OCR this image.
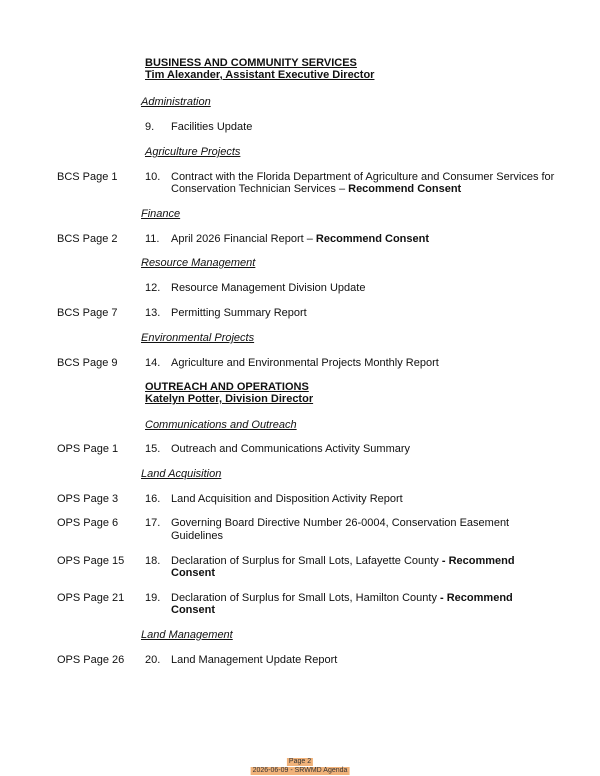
BUSINESS AND COMMUNITY SERVICES
Tim Alexander, Assistant Executive Director
Administration
9. Facilities Update
Agriculture Projects
BCS Page 1 10. Contract with the Florida Department of Agriculture and Consumer Services for
Conservation Technician Services – Recommend Consent
Finance
BCS Page 2 11. April 2026 Financial Report – Recommend Consent
Resource Management
12. Resource Management Division Update
BCS Page 7 13. Permitting Summary Report
Environmental Projects
BCS Page 9 14. Agriculture and Environmental Projects Monthly Report
OUTREACH AND OPERATIONS
Katelyn Potter, Division Director
Communications and Outreach
OPS Page 1 15. Outreach and Communications Activity Summary
Land Acquisition
OPS Page 3 16. Land Acquisition and Disposition Activity Report
OPS Page 6 17. Governing Board Directive Number 26-0004, Conservation Easement
Guidelines
OPS Page 15 18. Declaration of Surplus for Small Lots, Lafayette County - Recommend
Consent
OPS Page 21 19. Declaration of Surplus for Small Lots, Hamilton County - Recommend
Consent
Land Management
OPS Page 26 20. Land Management Update Report
Page 2
2026-06-09 - SRWMD Agenda
